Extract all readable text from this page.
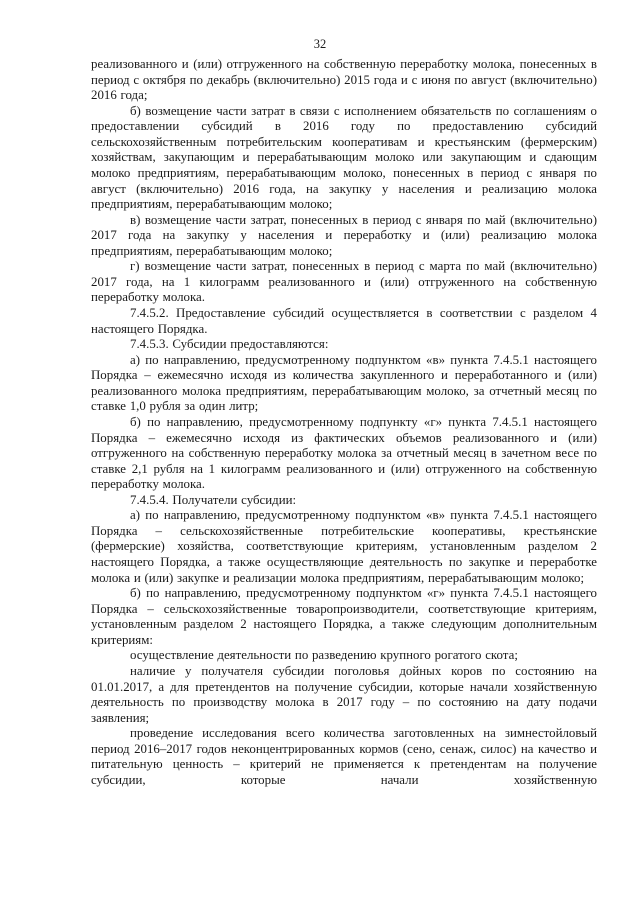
32

реализованного и (или) отгруженного на собственную переработку молока, понесенных в период с октября по декабрь (включительно) 2015 года и с июня по август (включительно) 2016 года;

б) возмещение части затрат в связи с исполнением обязательств по соглашениям о предоставлении субсидий в 2016 году по предоставлению субсидий сельскохозяйственным потребительским кооперативам и крестьянским (фермерским) хозяйствам, закупающим и перерабатывающим молоко или закупающим и сдающим молоко предприятиям, перерабатывающим молоко, понесенных в период с января по август (включительно) 2016 года, на закупку у населения и реализацию молока предприятиям, перерабатывающим молоко;

в) возмещение части затрат, понесенных в период с января по май (включительно) 2017 года на закупку у населения и переработку и (или) реализацию молока предприятиям, перерабатывающим молоко;

г) возмещение части затрат, понесенных в период с марта по май (включительно) 2017 года, на 1 килограмм реализованного и (или) отгруженного на собственную переработку молока.

7.4.5.2. Предоставление субсидий осуществляется в соответствии с разделом 4 настоящего Порядка.

7.4.5.3. Субсидии предоставляются:

а) по направлению, предусмотренному подпунктом «в» пункта 7.4.5.1 настоящего Порядка – ежемесячно исходя из количества закупленного и переработанного и (или) реализованного молока предприятиям, перерабатывающим молоко, за отчетный месяц по ставке 1,0 рубля за один литр;

б) по направлению, предусмотренному подпункту «г» пункта 7.4.5.1 настоящего Порядка – ежемесячно исходя из фактических объемов реализованного и (или) отгруженного на собственную переработку молока за отчетный месяц в зачетном весе по ставке 2,1 рубля на 1 килограмм реализованного и (или) отгруженного на собственную переработку молока.

7.4.5.4. Получатели субсидии:

а) по направлению, предусмотренному подпунктом «в» пункта 7.4.5.1 настоящего Порядка – сельскохозяйственные потребительские кооперативы, крестьянские (фермерские) хозяйства, соответствующие критериям, установленным разделом 2 настоящего Порядка, а также осуществляющие деятельность по закупке и переработке молока и (или) закупке и реализации молока предприятиям, перерабатывающим молоко;

б) по направлению, предусмотренному подпунктом «г» пункта 7.4.5.1 настоящего Порядка – сельскохозяйственные товаропроизводители, соответствующие критериям, установленным разделом 2 настоящего Порядка, а также следующим дополнительным критериям:

осуществление деятельности по разведению крупного рогатого скота;

наличие у получателя субсидии поголовья дойных коров по состоянию на 01.01.2017, а для претендентов на получение субсидии, которые начали хозяйственную деятельность по производству молока в 2017 году – по состоянию на дату подачи заявления;

проведение исследования всего количества заготовленных на зимнестойловый период 2016–2017 годов неконцентрированных кормов (сено, сенаж, силос) на качество и питательную ценность – критерий не применяется к претендентам на получение субсидии, которые начали хозяйственную
